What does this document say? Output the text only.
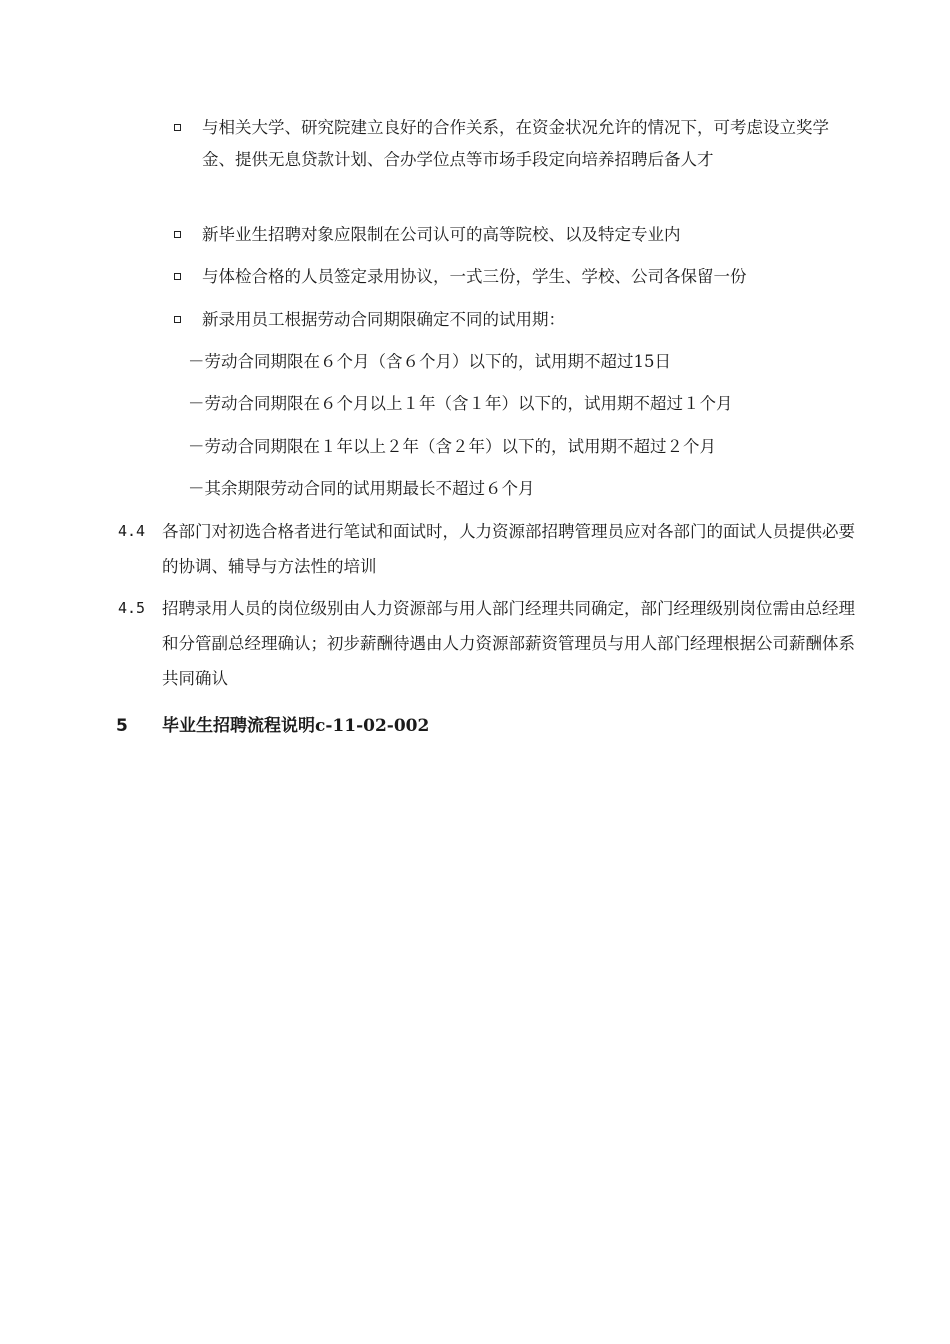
与相关大学、研究院建立良好的合作关系，在资金状况允许的情况下，可考虑设立奖学金、提供无息贷款计划、合办学位点等市场手段定向培养招聘后备人才
新毕业生招聘对象应限制在公司认可的高等院校、以及特定专业内
与体检合格的人员签定录用协议，一式三份，学生、学校、公司各保留一份
新录用员工根据劳动合同期限确定不同的试用期：
－劳动合同期限在６个月（含６个月）以下的，试用期不超过15日
－劳动合同期限在６个月以上１年（含１年）以下的，试用期不超过１个月
－劳动合同期限在１年以上２年（含２年）以下的，试用期不超过２个月
－其余期限劳动合同的试用期最长不超过６个月
4.4 各部门对初选合格者进行笔试和面试时，人力资源部招聘管理员应对各部门的面试人员提供必要的协调、辅导与方法性的培训
4.5 招聘录用人员的岗位级别由人力资源部与用人部门经理共同确定，部门经理级别岗位需由总经理和分管副总经理确认；初步薪酬待遇由人力资源部薪资管理员与用人部门经理根据公司薪酬体系共同确认
5 毕业生招聘流程说明c-11-02-002
